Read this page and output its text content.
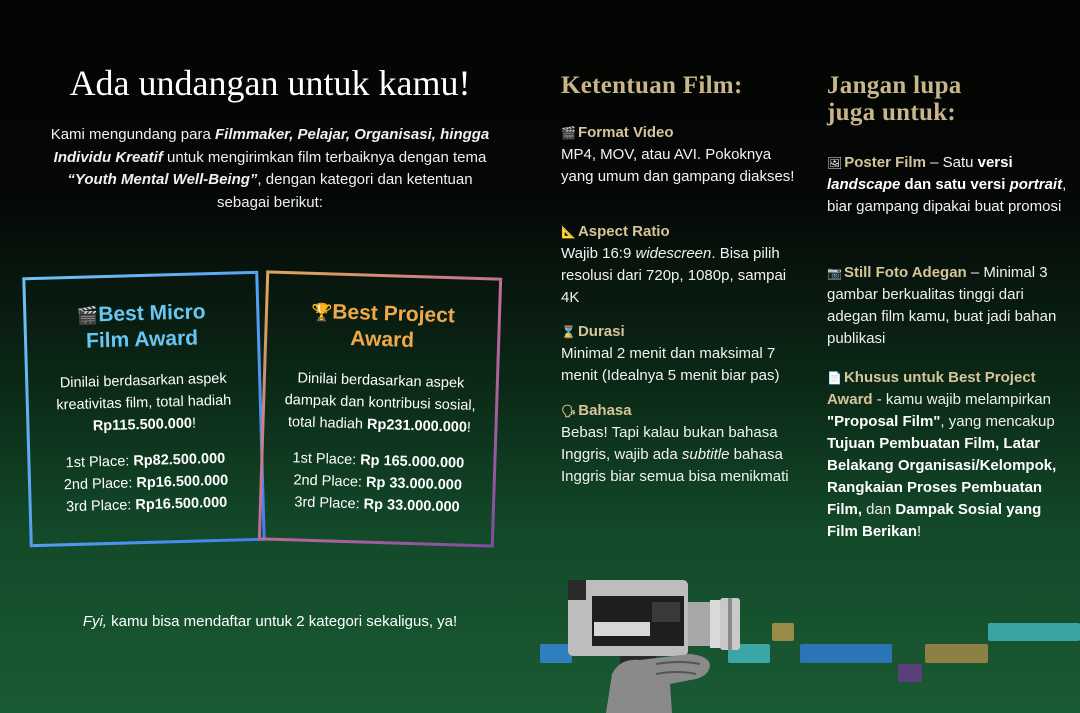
Ada undangan untuk kamu!
Kami mengundang para Filmmaker, Pelajar, Organisasi, hingga Individu Kreatif untuk mengirimkan film terbaiknya dengan tema “Youth Mental Well-Being”, dengan kategori dan ketentuan sebagai berikut:
🎬Best Micro
Film Award
Dinilai berdasarkan aspek kreativitas film, total hadiah Rp115.500.000!
1st Place: Rp82.500.000
2nd Place: Rp16.500.000
3rd Place: Rp16.500.000
🏆Best Project
Award
Dinilai berdasarkan aspek dampak dan kontribusi sosial, total hadiah Rp231.000.000!
1st Place: Rp 165.000.000
2nd Place: Rp 33.000.000
3rd Place: Rp 33.000.000
Fyi, kamu bisa mendaftar untuk 2 kategori sekaligus, ya!
Ketentuan Film:
🎬 Format Video
MP4, MOV, atau AVI. Pokoknya yang umum dan gampang diakses!
📐 Aspect Ratio
Wajib 16:9 widescreen. Bisa pilih resolusi dari 720p, 1080p, sampai 4K
⌛ Durasi
Minimal 2 menit dan maksimal 7 menit (Idealnya 5 menit biar pas)
🗣 Bahasa
Bebas! Tapi kalau bukan bahasa Inggris, wajib ada subtitle bahasa Inggris biar semua bisa menikmati
Jangan lupa
juga untuk:
🖼 Poster Film – Satu versi landscape dan satu versi portrait, biar gampang dipakai buat promosi
📷 Still Foto Adegan – Minimal 3 gambar berkualitas tinggi dari adegan film kamu, buat jadi bahan publikasi
📄 Khusus untuk Best Project Award - kamu wajib melampirkan "Proposal Film", yang mencakup Tujuan Pembuatan Film, Latar Belakang Organisasi/Kelompok, Rangkaian Proses Pembuatan Film, dan Dampak Sosial yang Film Berikan!
